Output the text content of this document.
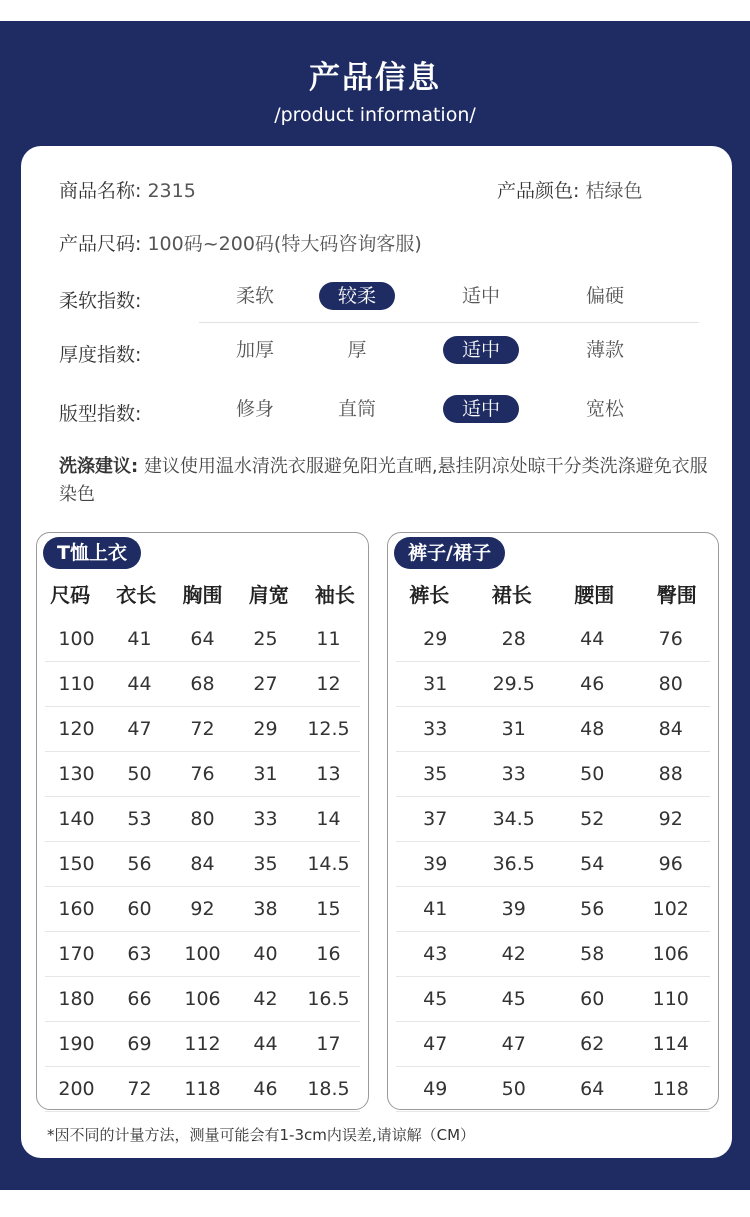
产品信息
/product information/
商品名称: 2315	产品颜色: 桔绿色
产品尺码: 100码~200码(特大码咨询客服)
柔软指数:	柔软	较柔	适中	偏硬
厚度指数:	加厚	厚	适中	薄款
版型指数:	修身	直筒	适中	宽松
洗涤建议: 建议使用温水清洗衣服避免阳光直晒,悬挂阴凉处晾干分类洗涤避免衣服染色
T恤上衣
尺码	衣长	胸围	肩宽	袖长
100	41	64	25	11
110	44	68	27	12
120	47	72	29	12.5
130	50	76	31	13
140	53	80	33	14
150	56	84	35	14.5
160	60	92	38	15
170	63	100	40	16
180	66	106	42	16.5
190	69	112	44	17
200	72	118	46	18.5
裤子/裙子
裤长	裙长	腰围	臀围
29	28	44	76
31	29.5	46	80
33	31	48	84
35	33	50	88
37	34.5	52	92
39	36.5	54	96
41	39	56	102
43	42	58	106
45	45	60	110
47	47	62	114
49	50	64	118
*因不同的计量方法，测量可能会有1-3cm内误差,请谅解（CM）
